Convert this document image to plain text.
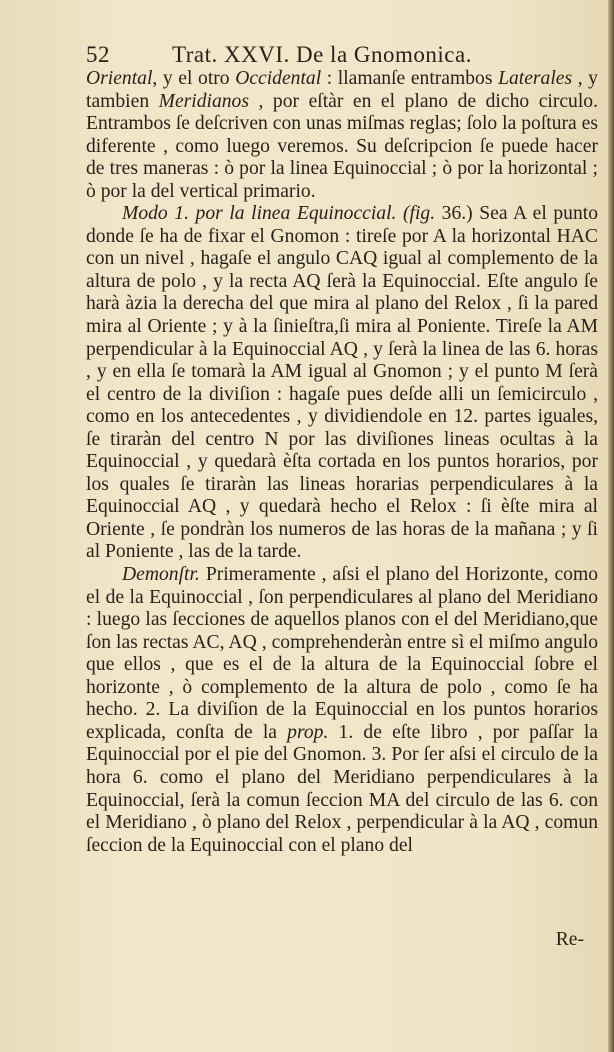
52	Trat. XXVI. De la Gnomonica.

Oriental, y el otro Occidental : llamanſe entrambos Laterales , y tambien Meridianos , por eſtàr en el plano de dicho circulo. Entrambos ſe deſcriven con unas miſmas reglas; ſolo la poſtura es diferente , como luego veremos. Su deſcripcion ſe puede hacer de tres maneras : ò por la linea Equinoccial ; ò por la horizontal ; ò por la del vertical primario.

Modo 1. por la linea Equinoccial. (fig. 36.) Sea A el punto donde ſe ha de fixar el Gnomon : tireſe por A la horizontal HAC con un nivel , hagaſe el angulo CAQ igual al complemento de la altura de polo , y la recta AQ ſerà la Equinoccial. Eſte angulo ſe harà àzia la derecha del que mira al plano del Relox , ſi la pared mira al Oriente ; y à la ſinieſtra,ſi mira al Poniente. Tireſe la AM perpendicular à la Equinoccial AQ , y ſerà la linea de las 6. horas , y en ella ſe tomarà la AM igual al Gnomon ; y el punto M ſerà el centro de la diviſion : hagaſe pues deſde alli un ſemicirculo , como en los antecedentes , y dividiendole en 12. partes iguales, ſe tiraràn del centro N por las diviſiones lineas ocultas à la Equinoccial , y quedarà èſta cortada en los puntos horarios, por los quales ſe tiraràn las lineas horarias perpendiculares à la Equinoccial AQ , y quedarà hecho el Relox : ſi èſte mira al Oriente , ſe pondràn los numeros de las horas de la mañana ; y ſi al Poniente , las de la tarde.

Demonſtr. Primeramente , aſsi el plano del Horizonte, como el de la Equinoccial , ſon perpendiculares al plano del Meridiano : luego las ſecciones de aquellos planos con el del Meridiano,que ſon las rectas AC, AQ , comprehenderàn entre sì el miſmo angulo que ellos , que es el de la altura de la Equinoccial ſobre el horizonte , ò complemento de la altura de polo , como ſe ha hecho. 2. La diviſion de la Equinoccial en los puntos horarios explicada, conſta de la prop. 1. de eſte libro , por paſſar la Equinoccial por el pie del Gnomon. 3. Por ſer aſsi el circulo de la hora 6. como el plano del Meridiano perpendiculares à la Equinoccial, ſerà la comun ſeccion MA del circulo de las 6. con el Meridiano , ò plano del Relox , perpendicular à la AQ , comun ſeccion de la Equinoccial con el plano del

Re-
